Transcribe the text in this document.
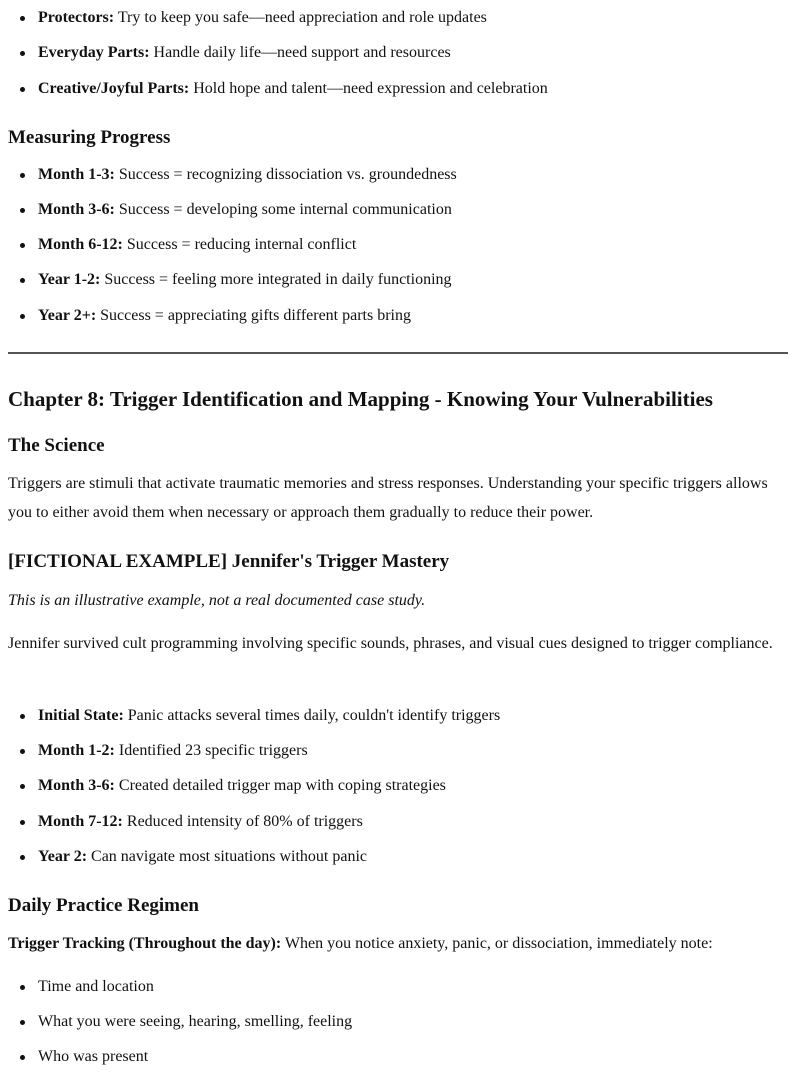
Protectors: Try to keep you safe—need appreciation and role updates
Everyday Parts: Handle daily life—need support and resources
Creative/Joyful Parts: Hold hope and talent—need expression and celebration
Measuring Progress
Month 1-3: Success = recognizing dissociation vs. groundedness
Month 3-6: Success = developing some internal communication
Month 6-12: Success = reducing internal conflict
Year 1-2: Success = feeling more integrated in daily functioning
Year 2+: Success = appreciating gifts different parts bring
Chapter 8: Trigger Identification and Mapping - Knowing Your Vulnerabilities
The Science

Triggers are stimuli that activate traumatic memories and stress responses. Understanding your specific triggers allows you to either avoid them when necessary or approach them gradually to reduce their power.

[FICTIONAL EXAMPLE] Jennifer's Trigger Mastery

This is an illustrative example, not a real documented case study.

Jennifer survived cult programming involving specific sounds, phrases, and visual cues designed to trigger compliance.

Initial State: Panic attacks several times daily, couldn't identify triggers
Month 1-2: Identified 23 specific triggers
Month 3-6: Created detailed trigger map with coping strategies
Month 7-12: Reduced intensity of 80% of triggers
Year 2: Can navigate most situations without panic
Daily Practice Regimen

Trigger Tracking (Throughout the day): When you notice anxiety, panic, or dissociation, immediately note:

Time and location
What you were seeing, hearing, smelling, feeling
Who was present
